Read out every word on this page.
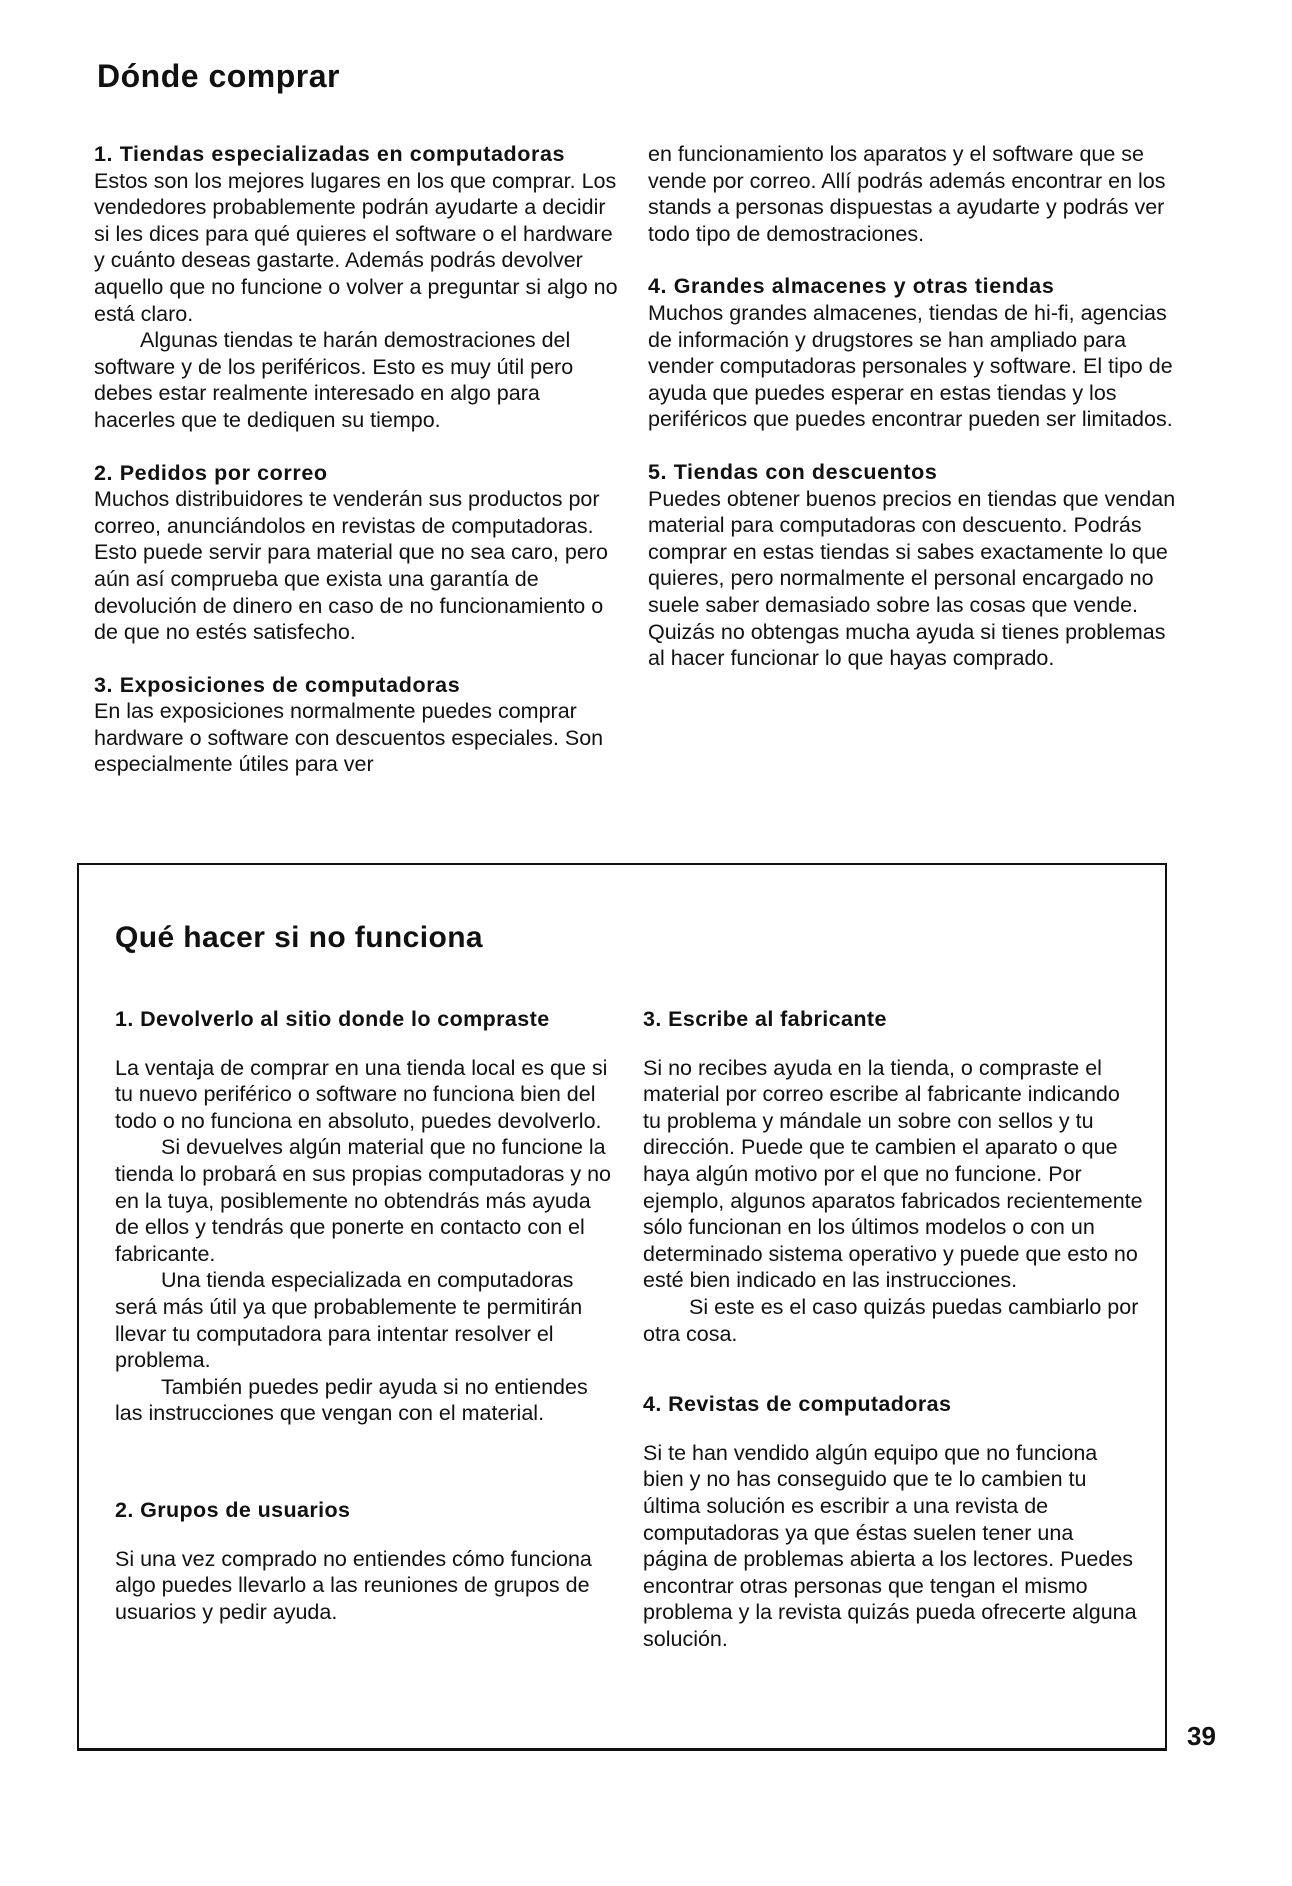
Dónde comprar
1. Tiendas especializadas en computadoras

Estos son los mejores lugares en los que comprar. Los vendedores probablemente podrán ayudarte a decidir si les dices para qué quieres el software o el hardware y cuánto deseas gastarte. Además podrás devolver aquello que no funcione o volver a preguntar si algo no está claro.

Algunas tiendas te harán demostraciones del software y de los periféricos. Esto es muy útil pero debes estar realmente interesado en algo para hacerles que te dediquen su tiempo.

2. Pedidos por correo

Muchos distribuidores te venderán sus productos por correo, anunciándolos en revistas de computadoras. Esto puede servir para material que no sea caro, pero aún así comprueba que exista una garantía de devolución de dinero en caso de no funcionamiento o de que no estés satisfecho.

3. Exposiciones de computadoras

En las exposiciones normalmente puedes comprar hardware o software con descuentos especiales. Son especialmente útiles para ver

en funcionamiento los aparatos y el software que se vende por correo. Allí podrás además encontrar en los stands a personas dispuestas a ayudarte y podrás ver todo tipo de demostraciones.

4. Grandes almacenes y otras tiendas

Muchos grandes almacenes, tiendas de hi-fi, agencias de información y drugstores se han ampliado para vender computadoras personales y software. El tipo de ayuda que puedes esperar en estas tiendas y los periféricos que puedes encontrar pueden ser limitados.

5. Tiendas con descuentos

Puedes obtener buenos precios en tiendas que vendan material para computadoras con descuento. Podrás comprar en estas tiendas si sabes exactamente lo que quieres, pero normalmente el personal encargado no suele saber demasiado sobre las cosas que vende. Quizás no obtengas mucha ayuda si tienes problemas al hacer funcionar lo que hayas comprado.

Qué hacer si no funciona
1. Devolverlo al sitio donde lo compraste

La ventaja de comprar en una tienda local es que si tu nuevo periférico o software no funciona bien del todo o no funciona en absoluto, puedes devolverlo.

Si devuelves algún material que no funcione la tienda lo probará en sus propias computadoras y no en la tuya, posiblemente no obtendrás más ayuda de ellos y tendrás que ponerte en contacto con el fabricante.

Una tienda especializada en computadoras será más útil ya que probablemente te permitirán llevar tu computadora para intentar resolver el problema.

También puedes pedir ayuda si no entiendes las instrucciones que vengan con el material.

2. Grupos de usuarios

Si una vez comprado no entiendes cómo funciona algo puedes llevarlo a las reuniones de grupos de usuarios y pedir ayuda.

3. Escribe al fabricante

Si no recibes ayuda en la tienda, o compraste el material por correo escribe al fabricante indicando tu problema y mándale un sobre con sellos y tu dirección. Puede que te cambien el aparato o que haya algún motivo por el que no funcione. Por ejemplo, algunos aparatos fabricados recientemente sólo funcionan en los últimos modelos o con un determinado sistema operativo y puede que esto no esté bien indicado en las instrucciones.

Si este es el caso quizás puedas cambiarlo por otra cosa.

4. Revistas de computadoras

Si te han vendido algún equipo que no funciona bien y no has conseguido que te lo cambien tu última solución es escribir a una revista de computadoras ya que éstas suelen tener una página de problemas abierta a los lectores. Puedes encontrar otras personas que tengan el mismo problema y la revista quizás pueda ofrecerte alguna solución.

39
